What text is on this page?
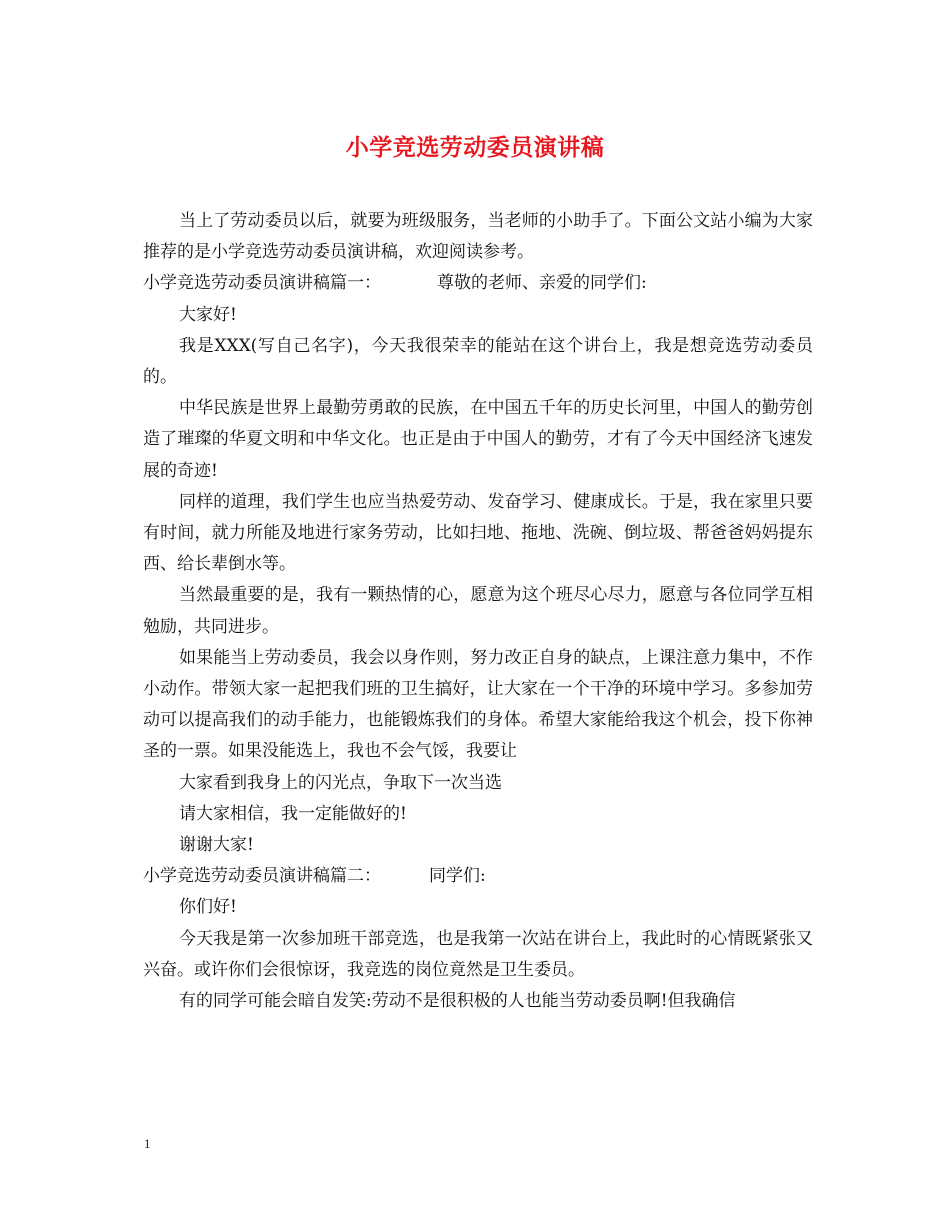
小学竞选劳动委员演讲稿

当上了劳动委员以后，就要为班级服务，当老师的小助手了。下面公文站小编为大家推荐的是小学竞选劳动委员演讲稿，欢迎阅读参考。

小学竞选劳动委员演讲稿篇一：	尊敬的老师、亲爱的同学们:

大家好!

我是XXX(写自己名字)，今天我很荣幸的能站在这个讲台上，我是想竞选劳动委员的。

中华民族是世界上最勤劳勇敢的民族，在中国五千年的历史长河里，中国人的勤劳创造了璀璨的华夏文明和中华文化。也正是由于中国人的勤劳，才有了今天中国经济飞速发展的奇迹!

同样的道理，我们学生也应当热爱劳动、发奋学习、健康成长。于是，我在家里只要有时间，就力所能及地进行家务劳动，比如扫地、拖地、洗碗、倒垃圾、帮爸爸妈妈提东西、给长辈倒水等。

当然最重要的是，我有一颗热情的心，愿意为这个班尽心尽力，愿意与各位同学互相勉励，共同进步。

如果能当上劳动委员，我会以身作则，努力改正自身的缺点，上课注意力集中，不作小动作。带领大家一起把我们班的卫生搞好，让大家在一个干净的环境中学习。多参加劳动可以提高我们的动手能力，也能锻炼我们的身体。希望大家能给我这个机会，投下你神圣的一票。如果没能选上，我也不会气馁，我要让

大家看到我身上的闪光点，争取下一次当选

请大家相信，我一定能做好的!

谢谢大家!

小学竞选劳动委员演讲稿篇二：	同学们:

你们好!

今天我是第一次参加班干部竞选，也是我第一次站在讲台上，我此时的心情既紧张又兴奋。或许你们会很惊讶，我竞选的岗位竟然是卫生委员。

有的同学可能会暗自发笑:劳动不是很积极的人也能当劳动委员啊!但我确信

1
